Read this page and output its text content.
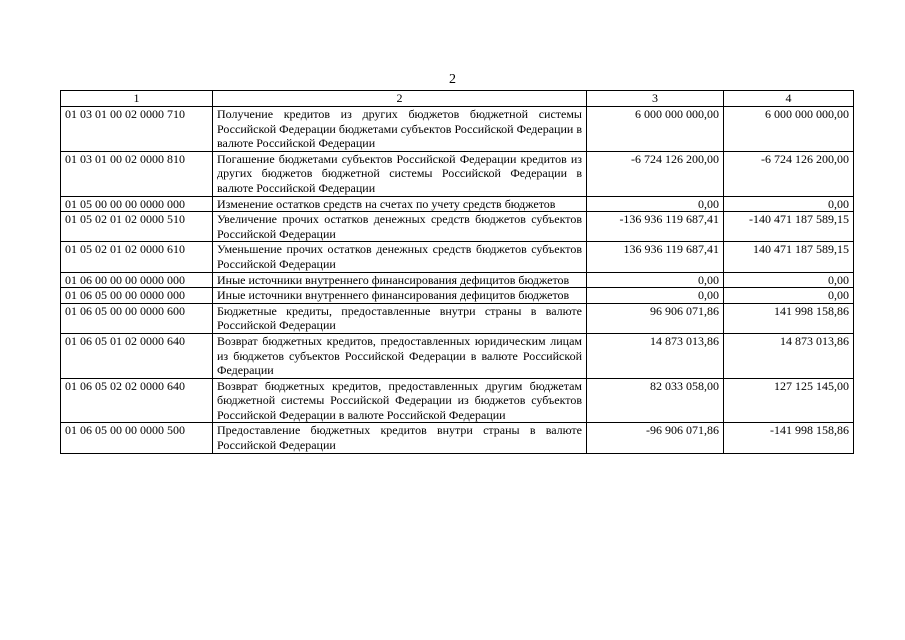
2
1	2	3	4
01 03 01 00 02 0000 710	Получение кредитов из других бюджетов бюджетной системы Российской Федерации бюджетами субъектов Российской Федерации в валюте Российской Федерации	6 000 000 000,00	6 000 000 000,00
01 03 01 00 02 0000 810	Погашение бюджетами субъектов Российской Федерации кредитов из других бюджетов бюджетной системы Российской Федерации в валюте Российской Федерации	-6 724 126 200,00	-6 724 126 200,00
01 05 00 00 00 0000 000	Изменение остатков средств на счетах по учету средств бюджетов	0,00	0,00
01 05 02 01 02 0000 510	Увеличение прочих остатков денежных средств бюджетов субъектов Российской Федерации	-136 936 119 687,41	-140 471 187 589,15
01 05 02 01 02 0000 610	Уменьшение прочих остатков денежных средств бюджетов субъектов Российской Федерации	136 936 119 687,41	140 471 187 589,15
01 06 00 00 00 0000 000	Иные источники внутреннего финансирования дефицитов бюджетов	0,00	0,00
01 06 05 00 00 0000 000	Иные источники внутреннего финансирования дефицитов бюджетов	0,00	0,00
01 06 05 00 00 0000 600	Бюджетные кредиты, предоставленные внутри страны в валюте Российской Федерации	96 906 071,86	141 998 158,86
01 06 05 01 02 0000 640	Возврат бюджетных кредитов, предоставленных юридическим лицам из бюджетов субъектов Российской Федерации в валюте Российской Федерации	14 873 013,86	14 873 013,86
01 06 05 02 02 0000 640	Возврат бюджетных кредитов, предоставленных другим бюджетам бюджетной системы Российской Федерации из бюджетов субъектов Российской Федерации в валюте Российской Федерации	82 033 058,00	127 125 145,00
01 06 05 00 00 0000 500	Предоставление бюджетных кредитов внутри страны в валюте Российской Федерации	-96 906 071,86	-141 998 158,86
